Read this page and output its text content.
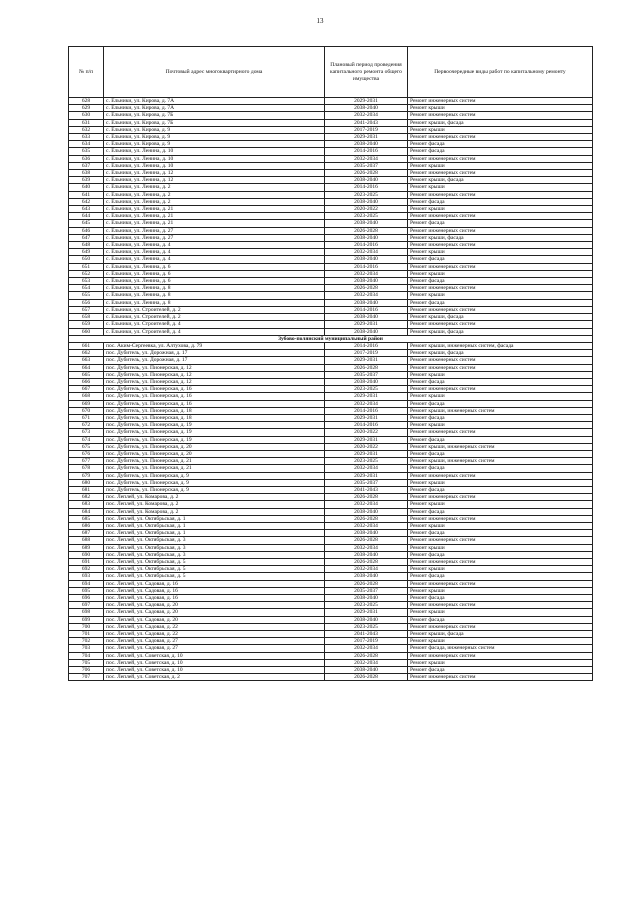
13
№ п/п	Почтовый адрес многоквартирного дома	Плановый период проведения капитального ремонта общего имущества	Первоочередные виды работ по капитальному ремонту
628	с. Ельники, ул. Кирова, д. 7А	2029-2031	Ремонт инженерных систем
629	с. Ельники, ул. Кирова, д. 7А	2038-2040	Ремонт крыши
630	с. Ельники, ул. Кирова, д. 7Б	2032-2034	Ремонт инженерных систем
631	с. Ельники, ул. Кирова, д. 7Б	2041-2043	Ремонт крыши, фасада
632	с. Ельники, ул. Кирова, д. 9	2017-2019	Ремонт крыши
633	с. Ельники, ул. Кирова, д. 9	2029-2031	Ремонт инженерных систем
634	с. Ельники, ул. Кирова, д. 9	2038-2040	Ремонт фасада
635	с. Ельники, ул. Ленина, д. 10	2014-2016	Ремонт фасада
636	с. Ельники, ул. Ленина, д. 10	2032-2034	Ремонт инженерных систем
637	с. Ельники, ул. Ленина, д. 10	2035-2037	Ремонт крыши
638	с. Ельники, ул. Ленина, д. 12	2026-2028	Ремонт инженерных систем
639	с. Ельники, ул. Ленина, д. 12	2038-2040	Ремонт крыши, фасада
640	с. Ельники, ул. Ленина, д. 2	2014-2016	Ремонт крыши
641	с. Ельники, ул. Ленина, д. 2	2023-2025	Ремонт инженерных систем
642	с. Ельники, ул. Ленина, д. 2	2038-2040	Ремонт фасада
643	с. Ельники, ул. Ленина, д. 21	2020-2022	Ремонт крыши
644	с. Ельники, ул. Ленина, д. 21	2023-2025	Ремонт инженерных систем
645	с. Ельники, ул. Ленина, д. 21	2038-2040	Ремонт фасада
646	с. Ельники, ул. Ленина, д. 27	2026-2028	Ремонт инженерных систем
647	с. Ельники, ул. Ленина, д. 27	2038-2040	Ремонт крыши, фасада
648	с. Ельники, ул. Ленина, д. 4	2014-2016	Ремонт инженерных систем
649	с. Ельники, ул. Ленина, д. 4	2032-2034	Ремонт крыши
650	с. Ельники, ул. Ленина, д. 4	2038-2040	Ремонт фасада
651	с. Ельники, ул. Ленина, д. 6	2014-2016	Ремонт инженерных систем
652	с. Ельники, ул. Ленина, д. 6	2032-2034	Ремонт крыши
653	с. Ельники, ул. Ленина, д. 6	2038-2040	Ремонт фасада
654	с. Ельники, ул. Ленина, д. 8	2026-2028	Ремонт инженерных систем
655	с. Ельники, ул. Ленина, д. 8	2032-2034	Ремонт крыши
656	с. Ельники, ул. Ленина, д. 8	2038-2040	Ремонт фасада
657	с. Ельники, ул. Строителей, д. 2	2014-2016	Ремонт инженерных систем
658	с. Ельники, ул. Строителей, д. 2	2038-2040	Ремонт крыши, фасада
659	с. Ельники, ул. Строителей, д. 4	2029-2031	Ремонт инженерных систем
660	с. Ельники, ул. Строителей, д. 4	2038-2040	Ремонт крыши, фасада
Зубово-полянский муниципальный район			
661	пос. Аким-Сергеевка, ул. Алтухова, д. 79	2014-2016	Ремонт крыши, инженерных систем, фасада
662	пос. Дубитель, ул. Дорожная, д. 17	2017-2019	Ремонт крыши, фасада
663	пос. Дубитель, ул. Дорожная, д. 17	2029-2031	Ремонт инженерных систем
664	пос. Дубитель, ул. Пионерская, д. 12	2026-2028	Ремонт инженерных систем
665	пос. Дубитель, ул. Пионерская, д. 12	2035-2037	Ремонт крыши
666	пос. Дубитель, ул. Пионерская, д. 12	2038-2040	Ремонт фасада
667	пос. Дубитель, ул. Пионерская, д. 16	2023-2025	Ремонт инженерных систем
668	пос. Дубитель, ул. Пионерская, д. 16	2029-2031	Ремонт крыши
669	пос. Дубитель, ул. Пионерская, д. 16	2032-2034	Ремонт фасада
670	пос. Дубитель, ул. Пионерская, д. 18	2014-2016	Ремонт крыши, инженерных систем
671	пос. Дубитель, ул. Пионерская, д. 18	2029-2031	Ремонт фасада
672	пос. Дубитель, ул. Пионерская, д. 19	2014-2016	Ремонт крыши
673	пос. Дубитель, ул. Пионерская, д. 19	2020-2022	Ремонт инженерных систем
674	пос. Дубитель, ул. Пионерская, д. 19	2029-2031	Ремонт фасада
675	пос. Дубитель, ул. Пионерская, д. 20	2020-2022	Ремонт крыши, инженерных систем
676	пос. Дубитель, ул. Пионерская, д. 20	2029-2031	Ремонт фасада
677	пос. Дубитель, ул. Пионерская, д. 21	2023-2025	Ремонт крыши, инженерных систем
678	пос. Дубитель, ул. Пионерская, д. 21	2032-2034	Ремонт фасада
679	пос. Дубитель, ул. Пионерская, д. 9	2029-2031	Ремонт инженерных систем
680	пос. Дубитель, ул. Пионерская, д. 9	2035-2037	Ремонт крыши
681	пос. Дубитель, ул. Пионерская, д. 9	2041-2043	Ремонт фасада
682	пос. Леплей, ул. Комарова, д. 2	2026-2028	Ремонт инженерных систем
683	пос. Леплей, ул. Комарова, д. 2	2032-2034	Ремонт крыши
684	пос. Леплей, ул. Комарова, д. 2	2038-2040	Ремонт фасада
685	пос. Леплей, ул. Октябрьская, д. 1	2026-2028	Ремонт инженерных систем
686	пос. Леплей, ул. Октябрьская, д. 1	2032-2034	Ремонт крыши
687	пос. Леплей, ул. Октябрьская, д. 1	2038-2040	Ремонт фасада
688	пос. Леплей, ул. Октябрьская, д. 3	2026-2028	Ремонт инженерных систем
689	пос. Леплей, ул. Октябрьская, д. 3	2032-2034	Ремонт крыши
690	пос. Леплей, ул. Октябрьская, д. 3	2038-2040	Ремонт фасада
691	пос. Леплей, ул. Октябрьская, д. 5	2026-2028	Ремонт инженерных систем
692	пос. Леплей, ул. Октябрьская, д. 5	2032-2034	Ремонт крыши
693	пос. Леплей, ул. Октябрьская, д. 5	2038-2040	Ремонт фасада
694	пос. Леплей, ул. Садовая, д. 16	2026-2028	Ремонт инженерных систем
695	пос. Леплей, ул. Садовая, д. 16	2035-2037	Ремонт крыши
696	пос. Леплей, ул. Садовая, д. 16	2038-2040	Ремонт фасада
697	пос. Леплей, ул. Садовая, д. 20	2023-2025	Ремонт инженерных систем
698	пос. Леплей, ул. Садовая, д. 20	2029-2031	Ремонт крыши
699	пос. Леплей, ул. Садовая, д. 20	2038-2040	Ремонт фасада
700	пос. Леплей, ул. Садовая, д. 22	2023-2025	Ремонт инженерных систем
701	пос. Леплей, ул. Садовая, д. 22	2041-2043	Ремонт крыши, фасада
702	пос. Леплей, ул. Садовая, д. 27	2017-2019	Ремонт крыши
703	пос. Леплей, ул. Садовая, д. 27	2032-2034	Ремонт фасада, инженерных систем
704	пос. Леплей, ул. Советская, д. 10	2026-2028	Ремонт инженерных систем
705	пос. Леплей, ул. Советская, д. 10	2032-2034	Ремонт крыши
706	пос. Леплей, ул. Советская, д. 10	2038-2040	Ремонт фасада
707	пос. Леплей, ул. Советская, д. 2	2026-2028	Ремонт инженерных систем
